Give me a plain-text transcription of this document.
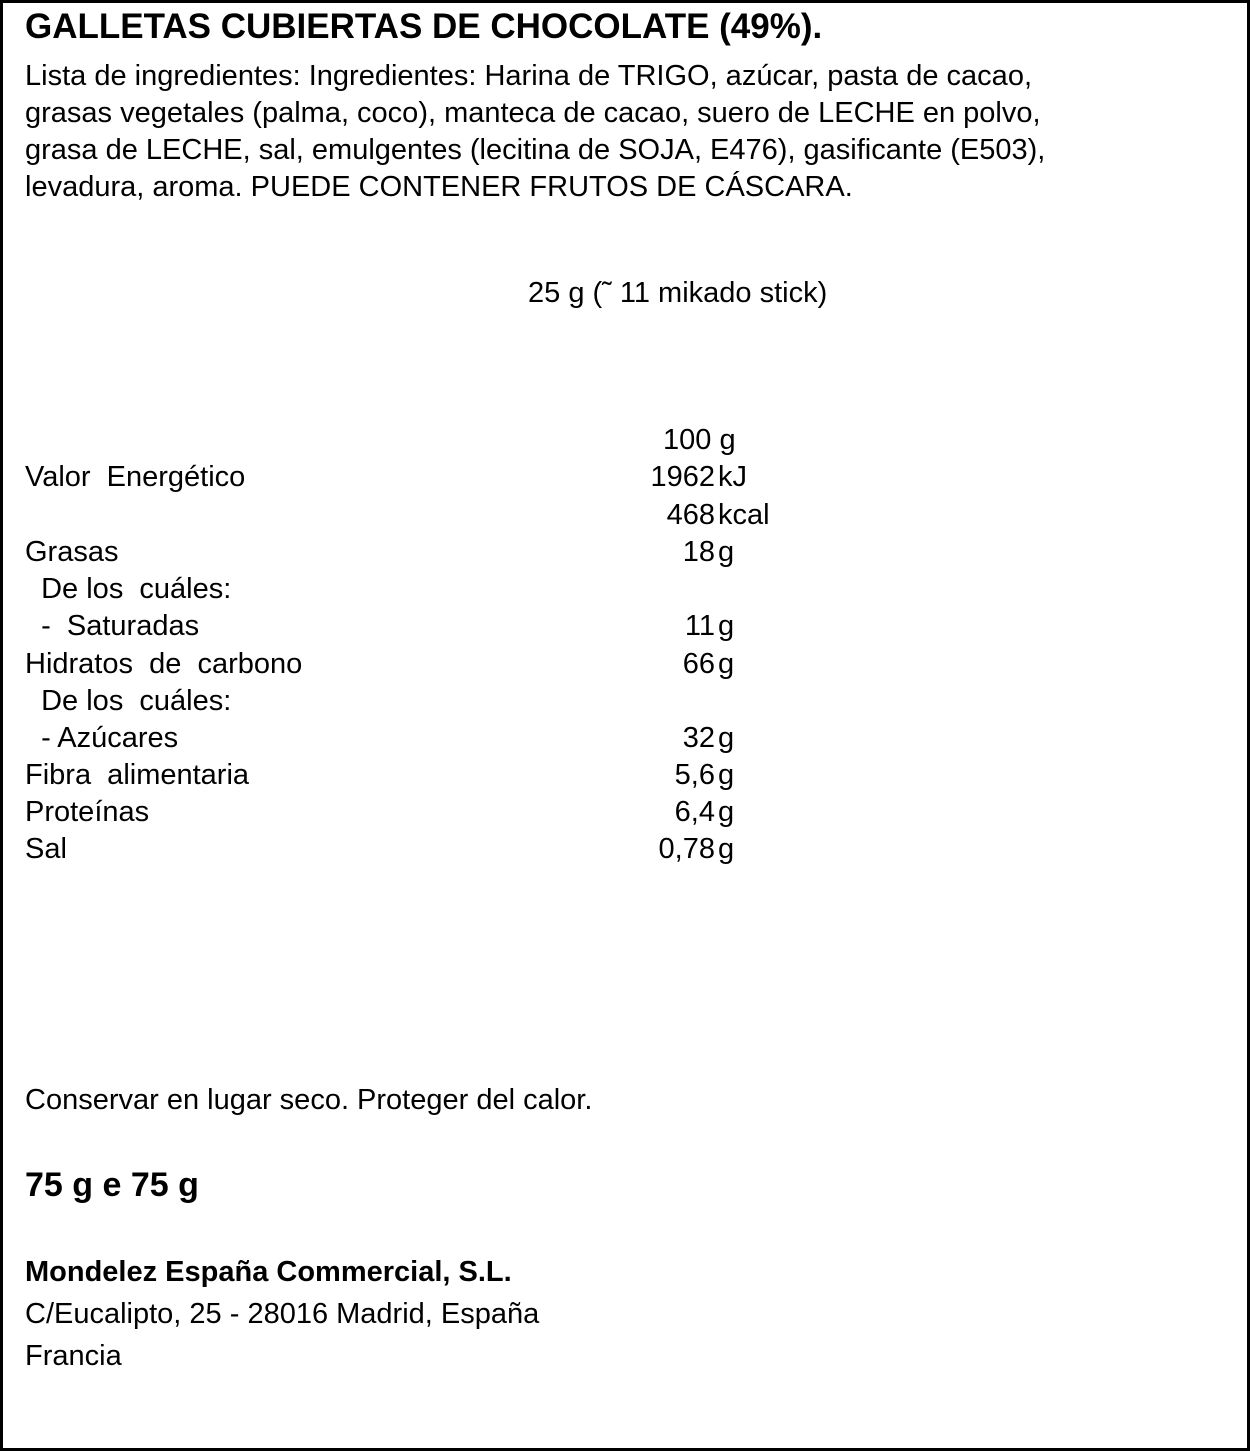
GALLETAS CUBIERTAS DE CHOCOLATE (49%).
Lista de ingredientes: Ingredientes: Harina de TRIGO, azúcar, pasta de cacao,
grasas vegetales (palma, coco), manteca de cacao, suero de LECHE en polvo,
grasa de LECHE, sal, emulgentes (lecitina de SOJA, E476), gasificante (E503),
levadura, aroma. PUEDE CONTENER FRUTOS DE CÁSCARA.
25 g (˜ 11 mikado stick)
100 g
Valor  Energético	1962 kJ
468 kcal
Grasas	18 g
De los  cuáles:
-  Saturadas	11 g
Hidratos  de  carbono	66 g
De los  cuáles:
- Azúcares	32 g
Fibra  alimentaria	5,6 g
Proteínas	6,4 g
Sal	0,78 g
Conservar en lugar seco. Proteger del calor.
75 g e 75 g
Mondelez España Commercial, S.L.
C/Eucalipto, 25 - 28016 Madrid, España
Francia
